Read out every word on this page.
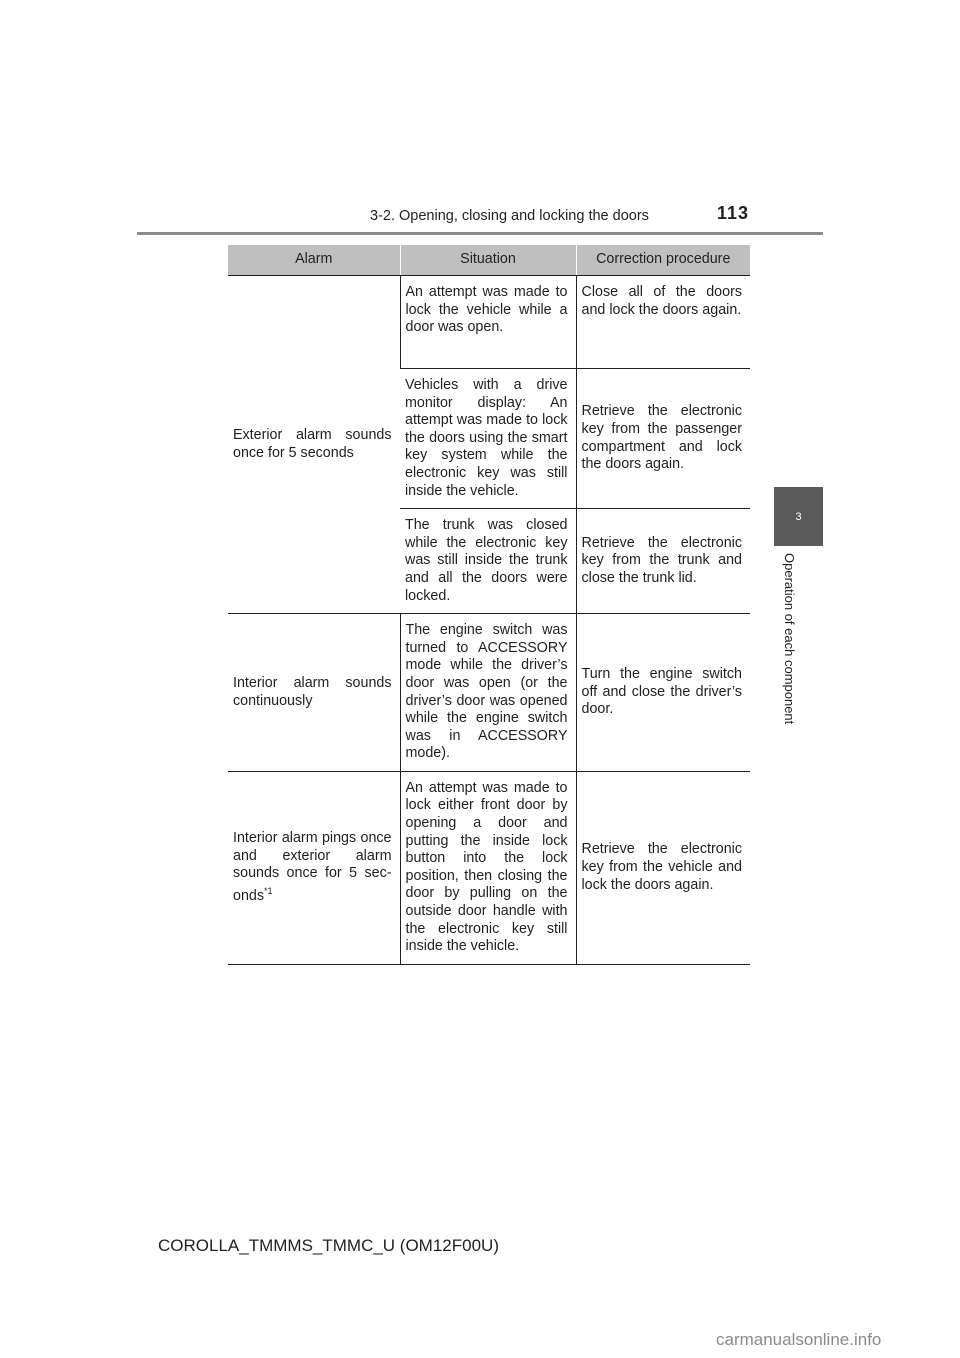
3-2. Opening, closing and locking the doors	113
3
Operation of each component
Alarm	Situation	Correction procedure
Exterior alarm sounds once for 5 seconds	An attempt was made to lock the vehicle while a door was open.	Close all of the doors and lock the doors again.
	Vehicles with a drive monitor display: An attempt was made to lock the doors using the smart key system while the electronic key was still inside the vehicle.	Retrieve the electronic key from the passenger compartment and lock the doors again.
	The trunk was closed while the electronic key was still inside the trunk and all the doors were locked.	Retrieve the electronic key from the trunk and close the trunk lid.
Interior alarm sounds continuously	The engine switch was turned to ACCESSORY mode while the driver’s door was open (or the driver’s door was opened while the engine switch was in ACCESSORY mode).	Turn the engine switch off and close the driver’s door.
Interior alarm pings once and exterior alarm sounds once for 5 sec-onds$^{*1}$	An attempt was made to lock either front door by opening a door and putting the inside lock button into the lock position, then closing the door by pulling on the outside door handle with the electronic key still inside the vehicle.	Retrieve the electronic key from the vehicle and lock the doors again.
COROLLA_TMMMS_TMMC_U (OM12F00U)
carmanualsonline.info
